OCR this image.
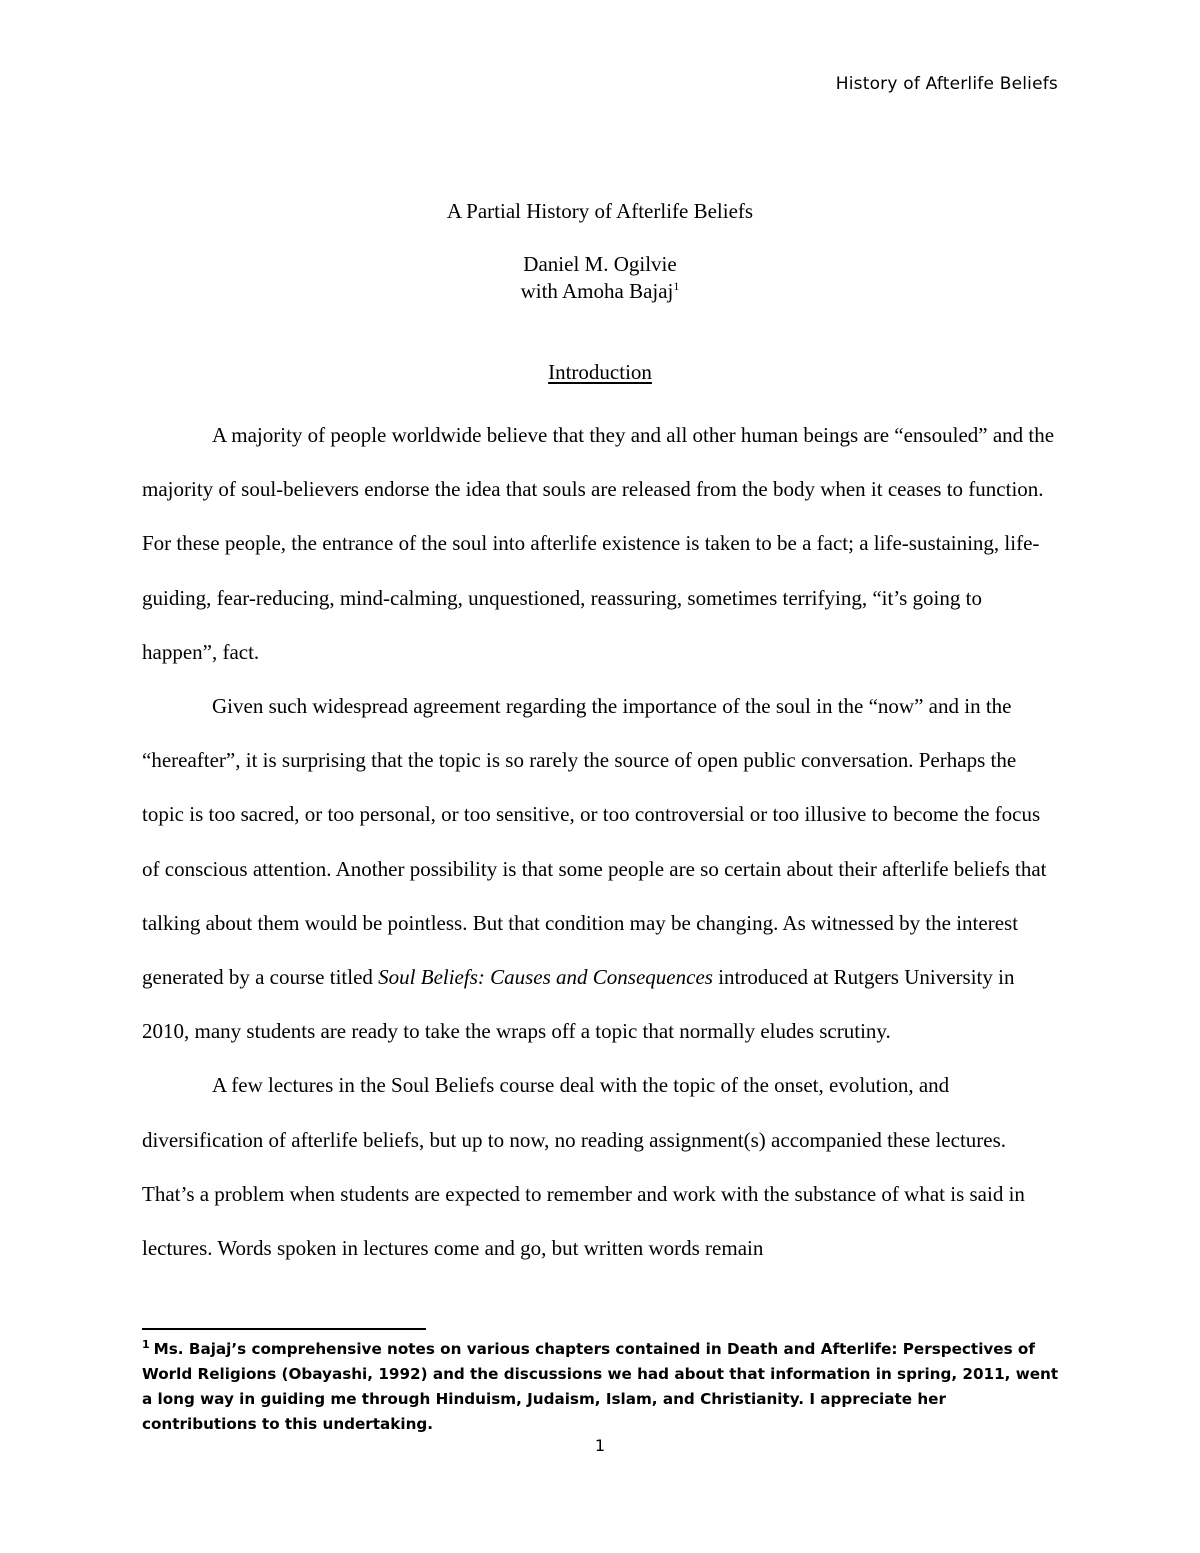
History of Afterlife Beliefs
A Partial History of Afterlife Beliefs
Daniel M. Ogilvie
with Amoha Bajaj$^1$
Introduction

A majority of people worldwide believe that they and all other human beings are “ensouled” and the majority of soul-believers endorse the idea that souls are released from the body when it ceases to function. For these people, the entrance of the soul into afterlife existence is taken to be a fact; a life-sustaining, life-guiding, fear-reducing, mind-calming, unquestioned, reassuring, sometimes terrifying, “it’s going to happen”, fact.

Given such widespread agreement regarding the importance of the soul in the “now” and in the “hereafter”, it is surprising that the topic is so rarely the source of open public conversation. Perhaps the topic is too sacred, or too personal, or too sensitive, or too controversial or too illusive to become the focus of conscious attention. Another possibility is that some people are so certain about their afterlife beliefs that talking about them would be pointless. But that condition may be changing. As witnessed by the interest generated by a course titled Soul Beliefs: Causes and Consequences introduced at Rutgers University in 2010, many students are ready to take the wraps off a topic that normally eludes scrutiny.

A few lectures in the Soul Beliefs course deal with the topic of the onset, evolution, and diversification of afterlife beliefs, but up to now, no reading assignment(s) accompanied these lectures. That’s a problem when students are expected to remember and work with the substance of what is said in lectures. Words spoken in lectures come and go, but written words remain

$^1$ Ms. Bajaj’s comprehensive notes on various chapters contained in Death and Afterlife: Perspectives of World Religions (Obayashi, 1992) and the discussions we had about that information in spring, 2011, went a long way in guiding me through Hinduism, Judaism, Islam, and Christianity. I appreciate her contributions to this undertaking.
1
